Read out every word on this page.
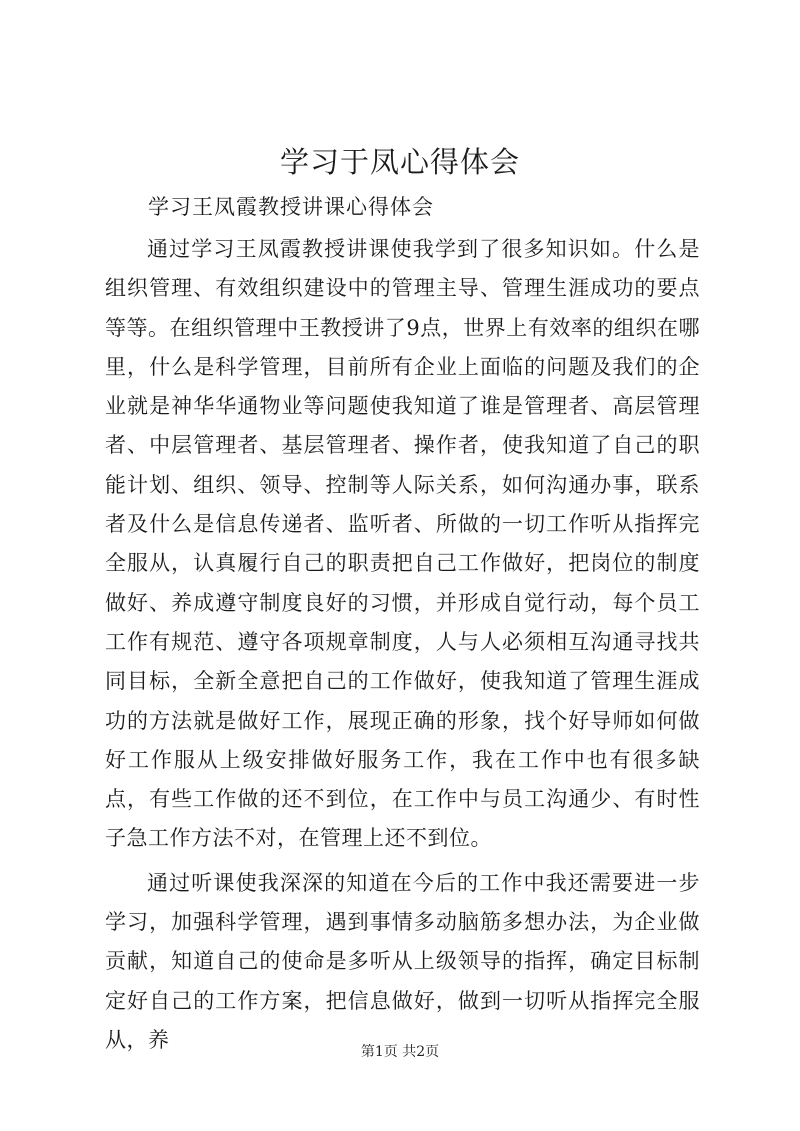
学习于凤心得体会

学习王凤霞教授讲课心得体会

通过学习王凤霞教授讲课使我学到了很多知识如。什么是组织管理、有效组织建设中的管理主导、管理生涯成功的要点等等。在组织管理中王教授讲了9点，世界上有效率的组织在哪里，什么是科学管理，目前所有企业上面临的问题及我们的企业就是神华华通物业等问题使我知道了谁是管理者、高层管理者、中层管理者、基层管理者、操作者，使我知道了自己的职能计划、组织、领导、控制等人际关系，如何沟通办事，联系者及什么是信息传递者、监听者、所做的一切工作听从指挥完全服从，认真履行自己的职责把自己工作做好，把岗位的制度做好、养成遵守制度良好的习惯，并形成自觉行动，每个员工工作有规范、遵守各项规章制度，人与人必须相互沟通寻找共同目标，全新全意把自己的工作做好，使我知道了管理生涯成功的方法就是做好工作，展现正确的形象，找个好导师如何做好工作服从上级安排做好服务工作，我在工作中也有很多缺点，有些工作做的还不到位，在工作中与员工沟通少、有时性子急工作方法不对，在管理上还不到位。

通过听课使我深深的知道在今后的工作中我还需要进一步学习，加强科学管理，遇到事情多动脑筋多想办法，为企业做贡献，知道自己的使命是多听从上级领导的指挥，确定目标制定好自己的工作方案，把信息做好，做到一切听从指挥完全服从，养

第1页 共2页
